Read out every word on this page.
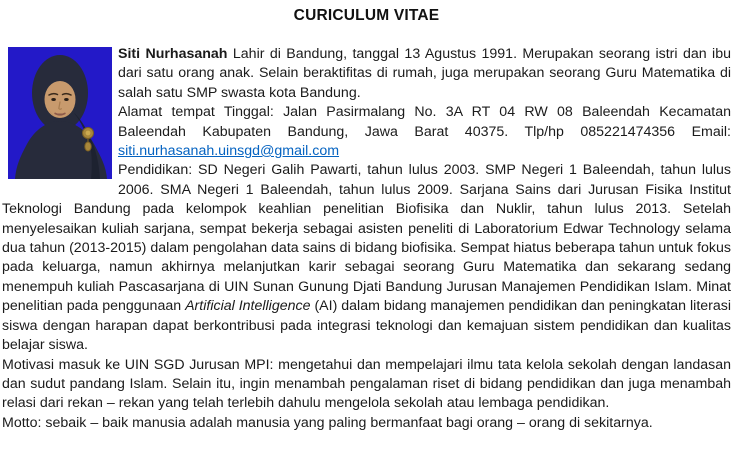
CURICULUM VITAE

Siti Nurhasanah Lahir di Bandung, tanggal 13 Agustus 1991. Merupakan seorang istri dan ibu dari satu orang anak. Selain beraktifitas di rumah, juga merupakan seorang Guru Matematika di salah satu SMP swasta kota Bandung.

Alamat tempat Tinggal: Jalan Pasirmalang No. 3A RT 04 RW 08 Baleendah Kecamatan Baleendah Kabupaten Bandung, Jawa Barat 40375. Tlp/hp 085221474356 Email: siti.nurhasanah.uinsgd@gmail.com

Pendidikan: SD Negeri Galih Pawarti, tahun lulus 2003. SMP Negeri 1 Baleendah, tahun lulus 2006. SMA Negeri 1 Baleendah, tahun lulus 2009. Sarjana Sains dari Jurusan Fisika Institut Teknologi Bandung pada kelompok keahlian penelitian Biofisika dan Nuklir, tahun lulus 2013. Setelah menyelesaikan kuliah sarjana, sempat bekerja sebagai asisten peneliti di Laboratorium Edwar Technology selama dua tahun (2013-2015) dalam pengolahan data sains di bidang biofisika. Sempat hiatus beberapa tahun untuk fokus pada keluarga, namun akhirnya melanjutkan karir sebagai seorang Guru Matematika dan sekarang sedang menempuh kuliah Pascasarjana di UIN Sunan Gunung Djati Bandung Jurusan Manajemen Pendidikan Islam. Minat penelitian pada penggunaan Artificial Intelligence (AI) dalam bidang manajemen pendidikan dan peningkatan literasi siswa dengan harapan dapat berkontribusi pada integrasi teknologi dan kemajuan sistem pendidikan dan kualitas belajar siswa.

Motivasi masuk ke UIN SGD Jurusan MPI: mengetahui dan mempelajari ilmu tata kelola sekolah dengan landasan dan sudut pandang Islam. Selain itu, ingin menambah pengalaman riset di bidang pendidikan dan juga menambah relasi dari rekan – rekan yang telah terlebih dahulu mengelola sekolah atau lembaga pendidikan.

Motto: sebaik – baik manusia adalah manusia yang paling bermanfaat bagi orang – orang di sekitarnya.
